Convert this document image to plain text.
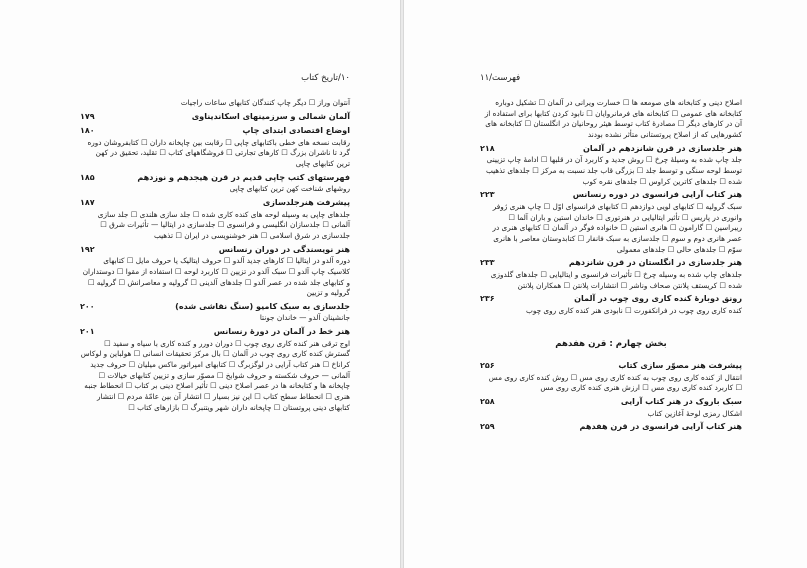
۱۰/تاریخ کتاب
آنتوان وراز ☐ دیگر چاپ کنندگان کتابهای ساعات راجیات
آلمان شمالی و سرزمینهای اسکاندیناوی
۱۷۹
اوضاع اقتصادی ابتدای چاپ
۱۸۰
رقابت نسخه های خطی باکتابهای چاپی ☐ رقابت بین چاپخانه داران ☐ کتابفروشان دوره گرد تا ناشران بزرگ ☐ کارهای تجارتی ☐ فروشگاههای کتاب ☐ تقلید، تحقیق در کهن ترین کتابهای چاپی
فهرستهای کتب چاپی قدیم در قرن هیجدهم و نوزدهم
۱۸۵
روشهای شناخت کهن ترین کتابهای چاپی
پیشرفت هنرجلدسازی
۱۸۷
جلدهای چاپی به وسیله لوحه های کنده کاری شده ☐ جلد سازی هلندی ☐ جلد سازی آلمانی ☐ جلدسازان انگلیسی و فرانسوی ☐ جلدسازی در ایتالیا — تأثیرات شرق ☐ جلدسازی در شرق اسلامی ☐ هنر خوشنویسی در ایران ☐ تذهیب
هنر نویسندگی در دوران رنسانس
۱۹۲
دوره آلدو در ایتالیا ☐ کارهای جدید آلدو ☐ حروف ایتالیک یا حروف مایل ☐ کتابهای کلاسیک چاپ آلدو ☐ سبک آلدو در تزیین ☐ کاربرد لوحه ☐ استفاده از مقوا ☐ دوستداران و کتابهای جلد شده در عصر آلدو ☐ جلدهای آلدینی ☐ گرولیه و معاصرانش ☐ گرولیه ☐ گرولیه و تزیین
جلدسازی به سبک کامیو (سنگ نقاشی شده)
۲۰۰
جانشینان آلدو — خاندان جونتا
هنر خط در آلمان در دورهٔ رنسانس
۲۰۱
اوج ترقی هنر کنده کاری روی چوب ☐ دوران دورر و کنده کاری با سیاه و سفید ☐ گسترش کنده کاری روی چوب در آلمان ☐ بال مرکز تحقیقات انسانی ☐ هولباین و لوکاس کراناخ ☐ هنر کتاب آرایی در لوگزبرگ ☐ کتابهای امپراتور ماکس میلیان ☐ حروف جدید آلمانی — حروف شکسته و حروف شوابخ ☐ مصوّر سازی و تزیین کتابهای خیالات ☐ چاپخانه ها و کتابخانه ها در عصر اصلاح دینی ☐ تأثیر اصلاح دینی بر کتاب ☐ انحطاط جنبه هنری ☐ انحطاط سطح کتاب ☐ این نیز بسیار ☐ انتشار آن بین عامّهٔ مردم ☐ انتشار کتابهای دینی پروتستان ☐ چاپخانه داران شهر ویتنبرگ ☐ بازارهای کتاب ☐
فهرست/۱۱
اصلاح دینی و کتابخانه های صومعه ها ☐ خسارت ویرانی در آلمان ☐ تشکیل دوباره کتابخانه های عمومی ☐ کتابخانه های فرمانروایان ☐ نابود کردن کتابها برای استفاده از آن در کارهای دیگر ☐ مصادرهٔ کتاب توسط هیئر روحانیان در انگلستان ☐ کتابخانه های کشورهایی که از اصلاح پروتستانی متأثر نشده بودند
هنر جلدسازی در قرن شانزدهم در آلمان
۲۱۸
جلد چاپ شده به وسیلهٔ چرخ ☐ روش جدید و کاربرد آن در قلبها ☐ ادامهٔ چاپ تزیینی توسط لوحه سنگی و توسط جلد ☐ بزرگی قاب جلد نسبت به مرکز ☐ جلدهای تذهیب شده ☐ جلدهای کاترین کراوس ☐ جلدهای نقره کوب
هنر کتاب آرایی فرانسوی در دوره رنسانس
۲۲۳
سبک گرولیه ☐ کتابهای لویی دوازدهم ☐ کتابهای فرانسوای اوّل ☐ چاپ هنری ژوفر وانوری در پاریس ☐ تأثیر ایتالیایی در هنرتوری ☐ خاندان استین و باران آلما ☐ ریبراسین ☐ گارامون ☐ هانری استین ☐ خانواده فوگر در آلمان ☐ کتابهای هنری در عصر هانری دوم و سوم ☐ جلدسازی به سبک فانفار ☐ کتابدوستان معاصر با هانری سوّم ☐ جلدهای حالی ☐ جلدهای معمولی
هنر جلدسازی در انگلستان در قرن شانزدهم
۲۳۳
جلدهای چاپ شده به وسیله چرخ ☐ تأثیرات فرانسوی و ایتالیایی ☐ جلدهای گلدوزی شده ☐ کریستف پلانتن صحاف وناشر ☐ انتشارات پلانتن ☐ همکاران پلانتن
رونق دوبارهٔ کنده کاری روی چوب در آلمان
۲۳۶
کنده کاری روی چوب در فرانکفورت ☐ نابودی هنر کنده کاری روی چوب
بخش چهارم : قرن هفدهم
پیشرفت هنر مصوّر سازی کتاب
۲۵۶
انتقال از کنده کاری روی چوب به کنده کاری روی مس ☐ روش کنده کاری روی مس ☐ کاربرد کنده کاری روی مس ☐ ارزش هنری کنده کاری روی مس
سبک باروک در هنر کتاب آرایی
۲۵۸
اشکال رمزی لوحهٔ آغازین کتاب
هنر کتاب آرایی فرانسوی در قرن هفدهم
۲۵۹
